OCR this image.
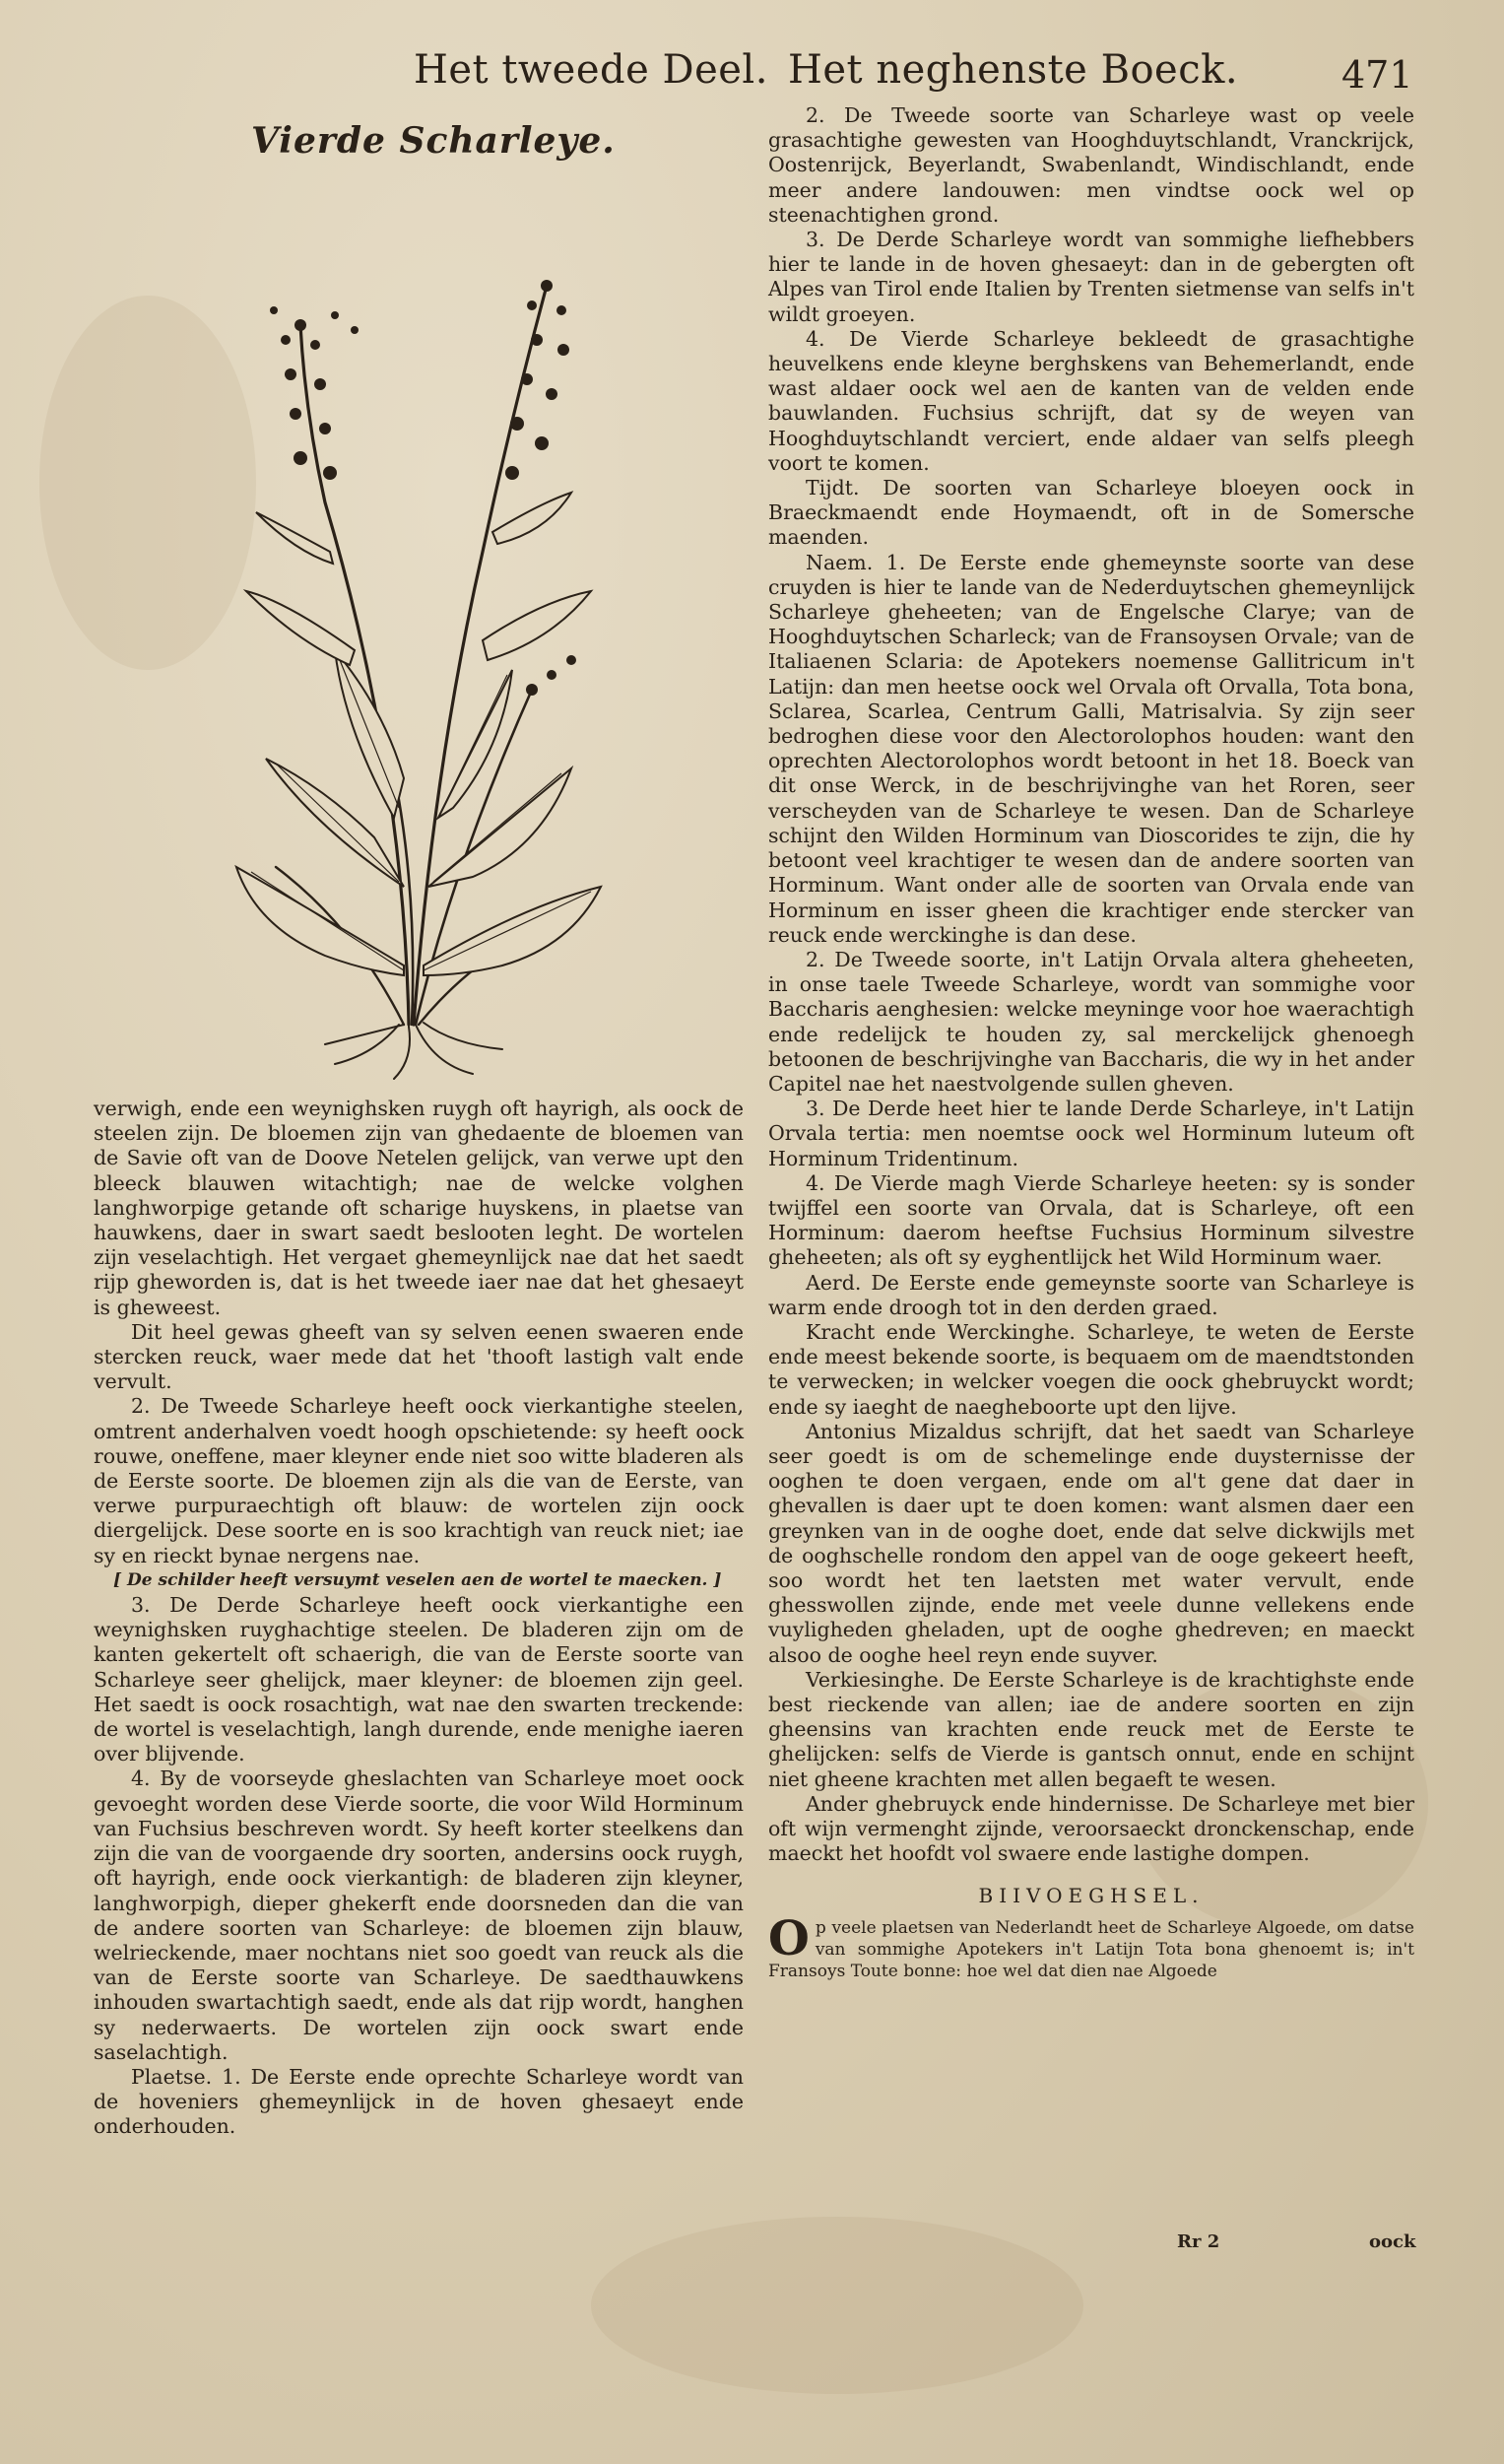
Het tweede Deel. Het neghenste Boeck.	471
Vierde Scharleye.

verwigh, ende een weynighsken ruygh oft hayrigh, als oock de steelen zijn. De bloemen zijn van ghedaente de bloemen van de Savie oft van de Doove Netelen gelijck, van verwe upt den bleeck blauwen witachtigh; nae de welcke volghen langhworpige getande oft scharige huyskens, in plaetse van hauwkens, daer in swart saedt beslooten leght. De wortelen zijn veselachtigh. Het vergaet ghemeynlijck nae dat het saedt rijp gheworden is, dat is het tweede iaer nae dat het ghesaeyt is gheweest.

Dit heel gewas gheeft van sy selven eenen swaeren ende stercken reuck, waer mede dat het 'thooft lastigh valt ende vervult.

2. De Tweede Scharleye heeft oock vierkantighe steelen, omtrent anderhalven voedt hoogh opschietende: sy heeft oock rouwe, oneffene, maer kleyner ende niet soo witte bladeren als de Eerste soorte. De bloemen zijn als die van de Eerste, van verwe purpuraechtigh oft blauw: de wortelen zijn oock diergelijck. Dese soorte en is soo krachtigh van reuck niet; iae sy en rieckt bynae nergens nae.

[ De schilder heeft versuymt veselen aen de wortel te maecken. ]

3. De Derde Scharleye heeft oock vierkantighe een weynighsken ruyghachtige steelen. De bladeren zijn om de kanten gekertelt oft schaerigh, die van de Eerste soorte van Scharleye seer ghelijck, maer kleyner: de bloemen zijn geel. Het saedt is oock rosachtigh, wat nae den swarten treckende: de wortel is veselachtigh, langh durende, ende menighe iaeren over blijvende.

4. By de voorseyde gheslachten van Scharleye moet oock gevoeght worden dese Vierde soorte, die voor Wild Horminum van Fuchsius beschreven wordt. Sy heeft korter steelkens dan zijn die van de voorgaende dry soorten, andersins oock ruygh, oft hayrigh, ende oock vierkantigh: de bladeren zijn kleyner, langhworpigh, dieper ghekerft ende doorsneden dan die van de andere soorten van Scharleye: de bloemen zijn blauw, welrieckende, maer nochtans niet soo goedt van reuck als die van de Eerste soorte van Scharleye. De saedthauwkens inhouden swartachtigh saedt, ende als dat rijp wordt, hanghen sy nederwaerts. De wortelen zijn oock swart ende saselachtigh.

Plaetse. 1. De Eerste ende oprechte Scharleye wordt van de hoveniers ghemeynlijck in de hoven ghesaeyt ende onderhouden.

2. De Tweede soorte van Scharleye wast op veele grasachtighe gewesten van Hooghduytschlandt, Vranckrijck, Oostenrijck, Beyerlandt, Swabenlandt, Windischlandt, ende meer andere landouwen: men vindtse oock wel op steenachtighen grond.

3. De Derde Scharleye wordt van sommighe liefhebbers hier te lande in de hoven ghesaeyt: dan in de gebergten oft Alpes van Tirol ende Italien by Trenten sietmense van selfs in't wildt groeyen.

4. De Vierde Scharleye bekleedt de grasachtighe heuvelkens ende kleyne berghskens van Behemerlandt, ende wast aldaer oock wel aen de kanten van de velden ende bauwlanden. Fuchsius schrijft, dat sy de weyen van Hooghduytschlandt verciert, ende aldaer van selfs pleegh voort te komen.

Tijdt. De soorten van Scharleye bloeyen oock in Braeckmaendt ende Hoymaendt, oft in de Somersche maenden.

Naem. 1. De Eerste ende ghemeynste soorte van dese cruyden is hier te lande van de Nederduytschen ghemeynlijck Scharleye gheheeten; van de Engelsche Clarye; van de Hooghduytschen Scharleck; van de Fransoysen Orvale; van de Italiaenen Sclaria: de Apotekers noemense Gallitricum in't Latijn: dan men heetse oock wel Orvala oft Orvalla, Tota bona, Sclarea, Scarlea, Centrum Galli, Matrisalvia. Sy zijn seer bedroghen diese voor den Alectorolophos houden: want den oprechten Alectorolophos wordt betoont in het 18. Boeck van dit onse Werck, in de beschrijvinghe van het Roren, seer verscheyden van de Scharleye te wesen. Dan de Scharleye schijnt den Wilden Horminum van Dioscorides te zijn, die hy betoont veel krachtiger te wesen dan de andere soorten van Horminum. Want onder alle de soorten van Orvala ende van Horminum en isser gheen die krachtiger ende stercker van reuck ende werckinghe is dan dese.

2. De Tweede soorte, in't Latijn Orvala altera gheheeten, in onse taele Tweede Scharleye, wordt van sommighe voor Baccharis aenghesien: welcke meyninge voor hoe waerachtigh ende redelijck te houden zy, sal merckelijck ghenoegh betoonen de beschrijvinghe van Baccharis, die wy in het ander Capitel nae het naestvolgende sullen gheven.

3. De Derde heet hier te lande Derde Scharleye, in't Latijn Orvala tertia: men noemtse oock wel Horminum luteum oft Horminum Tridentinum.

4. De Vierde magh Vierde Scharleye heeten: sy is sonder twijffel een soorte van Orvala, dat is Scharleye, oft een Horminum: daerom heeftse Fuchsius Horminum silvestre gheheeten; als oft sy eyghentlijck het Wild Horminum waer.

Aerd. De Eerste ende gemeynste soorte van Scharleye is warm ende droogh tot in den derden graed.

Kracht ende Werckinghe. Scharleye, te weten de Eerste ende meest bekende soorte, is bequaem om de maendtstonden te verwecken; in welcker voegen die oock ghebruyckt wordt; ende sy iaeght de naegheboorte upt den lijve.

Antonius Mizaldus schrijft, dat het saedt van Scharleye seer goedt is om de schemelinge ende duysternisse der ooghen te doen vergaen, ende om al't gene dat daer in ghevallen is daer upt te doen komen: want alsmen daer een greynken van in de ooghe doet, ende dat selve dickwijls met de ooghschelle rondom den appel van de ooge gekeert heeft, soo wordt het ten laetsten met water vervult, ende ghesswollen zijnde, ende met veele dunne vellekens ende vuyligheden gheladen, upt de ooghe ghedreven; en maeckt alsoo de ooghe heel reyn ende suyver.

Verkiesinghe. De Eerste Scharleye is de krachtighste ende best rieckende van allen; iae de andere soorten en zijn gheensins van krachten ende reuck met de Eerste te ghelijcken: selfs de Vierde is gantsch onnut, ende en schijnt niet gheene krachten met allen begaeft te wesen.

Ander ghebruyck ende hindernisse. De Scharleye met bier oft wijn vermenght zijnde, veroorsaeckt dronckenschap, ende maeckt het hoofdt vol swaere ende lastighe dompen.

BIIVOEGHSEL.

Op veele plaetsen van Nederlandt heet de Scharleye Algoede, om datse van sommighe Apotekers in't Latijn Tota bona ghenoemt is; in't Fransoys Toute bonne: hoe wel dat dien nae Algoede

Rr 2	oock
